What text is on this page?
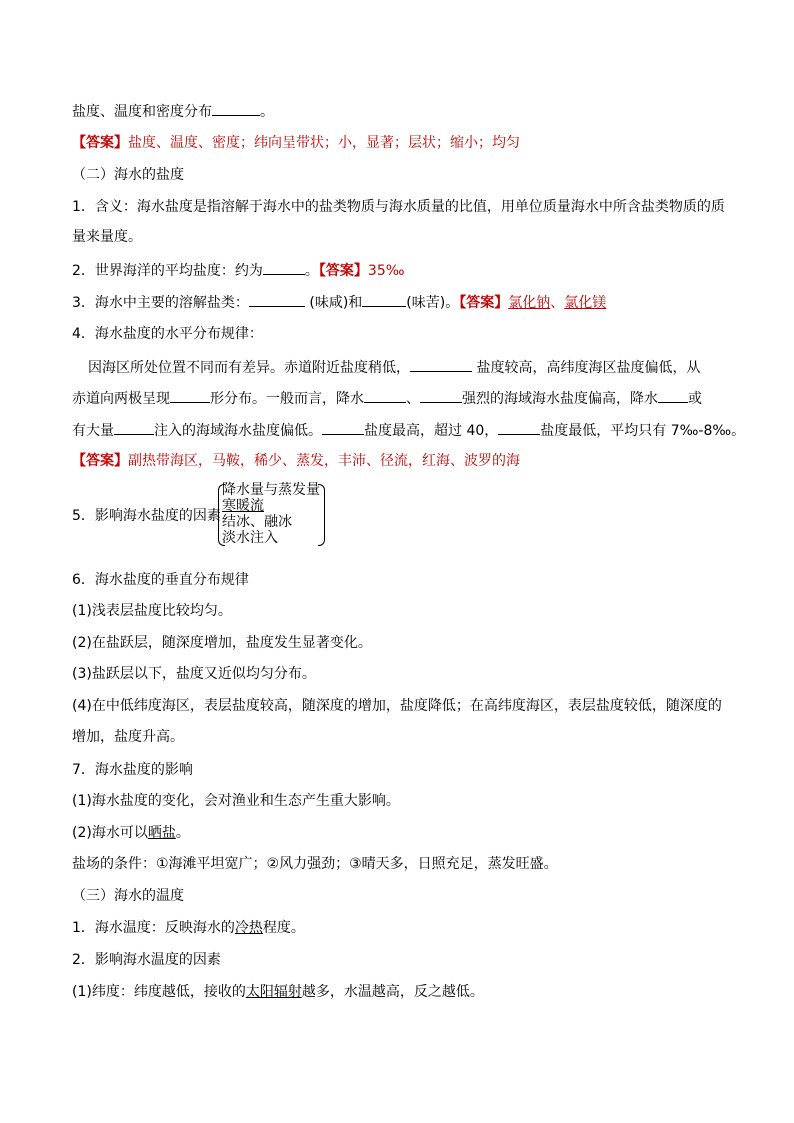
盐度、温度和密度分布	。
【答案】盐度、温度、密度；纬向呈带状；小，显著；层状；缩小；均匀
（二）海水的盐度
1．含义：海水盐度是指溶解于海水中的盐类物质与海水质量的比值，用单位质量海水中所含盐类物质的质
量来量度。
2．世界海洋的平均盐度：约为	。【答案】35‰
3．海水中主要的溶解盐类：	(味咸)和	(味苦)。【答案】氯化钠、氯化镁
4．海水盐度的水平分布规律：
因海区所处位置不同而有差异。赤道附近盐度稍低，	盐度较高，高纬度海区盐度偏低，从
赤道向两极呈现	形分布。一般而言，降水	、	强烈的海域海水盐度偏高，降水 或
有大量	注入的海域海水盐度偏低。	盐度最高，超过 40，	盐度最低，平均只有 7‰-8‰。
【答案】副热带海区，马鞍，稀少、蒸发，丰沛、径流，红海、波罗的海
5．影响海水盐度的因素
降水量与蒸发量
寒暖流
结冰、融冰
淡水注入
6．海水盐度的垂直分布规律
(1)浅表层盐度比较均匀。
(2)在盐跃层，随深度增加，盐度发生显著变化。
(3)盐跃层以下，盐度又近似均匀分布。
(4)在中低纬度海区，表层盐度较高，随深度的增加，盐度降低；在高纬度海区，表层盐度较低，随深度的
增加，盐度升高。
7．海水盐度的影响
(1)海水盐度的变化，会对渔业和生态产生重大影响。
(2)海水可以晒盐。
盐场的条件：①海滩平坦宽广；②风力强劲；③晴天多，日照充足，蒸发旺盛。
（三）海水的温度
1．海水温度：反映海水的冷热程度。
2．影响海水温度的因素
(1)纬度：纬度越低，接收的太阳辐射越多，水温越高，反之越低。
